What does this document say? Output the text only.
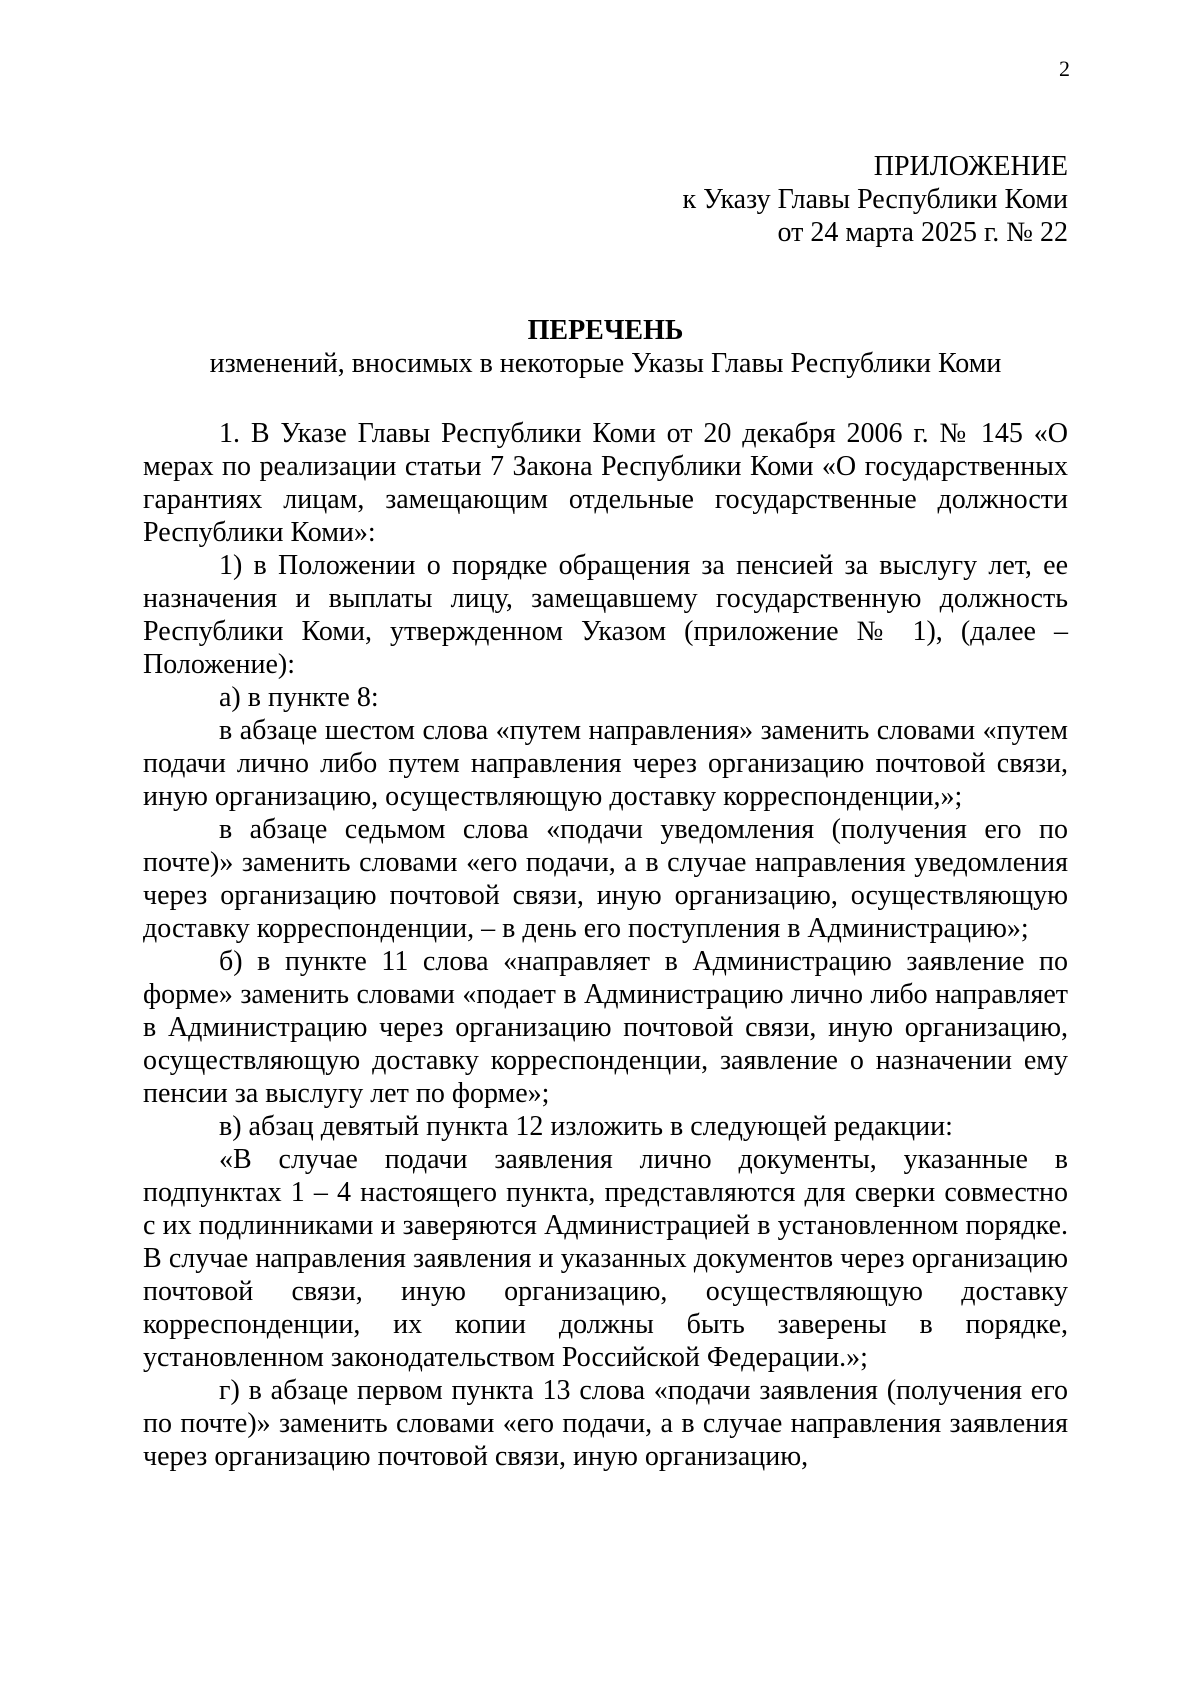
2
ПРИЛОЖЕНИЕ
к Указу Главы Республики Коми
от 24 марта 2025 г. № 22
ПЕРЕЧЕНЬ
изменений, вносимых в некоторые Указы Главы Республики Коми

1. В Указе Главы Республики Коми от 20 декабря 2006 г. № 145 «О мерах по реализации статьи 7 Закона Республики Коми «О государственных гарантиях лицам, замещающим отдельные государственные должности Республики Коми»:

1) в Положении о порядке обращения за пенсией за выслугу лет, ее назначения и выплаты лицу, замещавшему государственную должность Республики Коми, утвержденном Указом (приложение № 1), (далее – Положение):

а) в пункте 8:

в абзаце шестом слова «путем направления» заменить словами «путем подачи лично либо путем направления через организацию почтовой связи, иную организацию, осуществляющую доставку корреспонденции,»;

в абзаце седьмом слова «подачи уведомления (получения его по почте)» заменить словами «его подачи, а в случае направления уведомления через организацию почтовой связи, иную организацию, осуществляющую доставку корреспонденции, – в день его поступления в Администрацию»;

б) в пункте 11 слова «направляет в Администрацию заявление по форме» заменить словами «подает в Администрацию лично либо направляет в Администрацию через организацию почтовой связи, иную организацию, осуществляющую доставку корреспонденции, заявление о назначении ему пенсии за выслугу лет по форме»;

в) абзац девятый пункта 12 изложить в следующей редакции:

«В случае подачи заявления лично документы, указанные в подпунктах 1 – 4 настоящего пункта, представляются для сверки совместно с их подлинниками и заверяются Администрацией в установленном порядке. В случае направления заявления и указанных документов через организацию почтовой связи, иную организацию, осуществляющую доставку корреспонденции, их копии должны быть заверены в порядке, установленном законодательством Российской Федерации.»;

г) в абзаце первом пункта 13 слова «подачи заявления (получения его по почте)» заменить словами «его подачи, а в случае направления заявления через организацию почтовой связи, иную организацию,
